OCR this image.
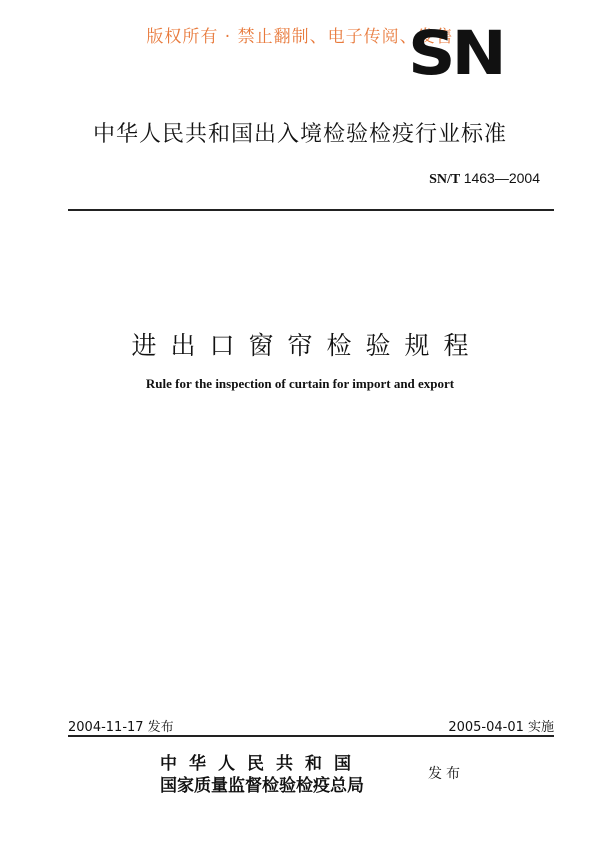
版权所有 · 禁止翻制、电子传阅、发售
SN
中华人民共和国出入境检验检疫行业标准
SN/T 1463—2004
进出口窗帘检验规程
Rule for the inspection of curtain for import and export
2004-11-17 发布	2005-04-01 实施
中华人民共和国
国家质量监督检验检疫总局
发布
